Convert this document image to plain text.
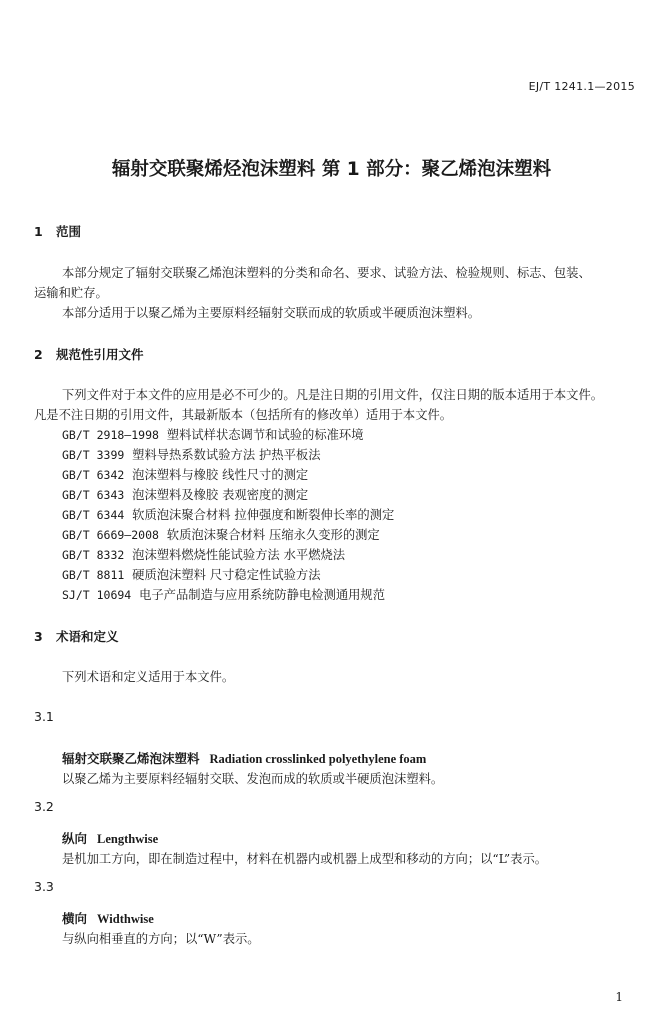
EJ/T 1241.1—2015
辐射交联聚烯烃泡沫塑料 第 1 部分：聚乙烯泡沫塑料
1 范围
本部分规定了辐射交联聚乙烯泡沫塑料的分类和命名、要求、试验方法、检验规则、标志、包装、
运输和贮存。
本部分适用于以聚乙烯为主要原料经辐射交联而成的软质或半硬质泡沫塑料。
2 规范性引用文件
下列文件对于本文件的应用是必不可少的。凡是注日期的引用文件，仅注日期的版本适用于本文件。
凡是不注日期的引用文件，其最新版本（包括所有的修改单）适用于本文件。
GB/T 2918—1998 塑料试样状态调节和试验的标准环境
GB/T 3399 塑料导热系数试验方法 护热平板法
GB/T 6342 泡沫塑料与橡胶 线性尺寸的测定
GB/T 6343 泡沫塑料及橡胶 表观密度的测定
GB/T 6344 软质泡沫聚合材料 拉伸强度和断裂伸长率的测定
GB/T 6669—2008 软质泡沫聚合材料 压缩永久变形的测定
GB/T 8332 泡沫塑料燃烧性能试验方法 水平燃烧法
GB/T 8811 硬质泡沫塑料 尺寸稳定性试验方法
SJ/T 10694 电子产品制造与应用系统防静电检测通用规范
3 术语和定义
下列术语和定义适用于本文件。
3.1
辐射交联聚乙烯泡沫塑料 Radiation crosslinked polyethylene foam
以聚乙烯为主要原料经辐射交联、发泡而成的软质或半硬质泡沫塑料。
3.2
纵向 Lengthwise
是机加工方向，即在制造过程中，材料在机器内或机器上成型和移动的方向；以“L”表示。
3.3
横向 Widthwise
与纵向相垂直的方向；以“W”表示。
1
